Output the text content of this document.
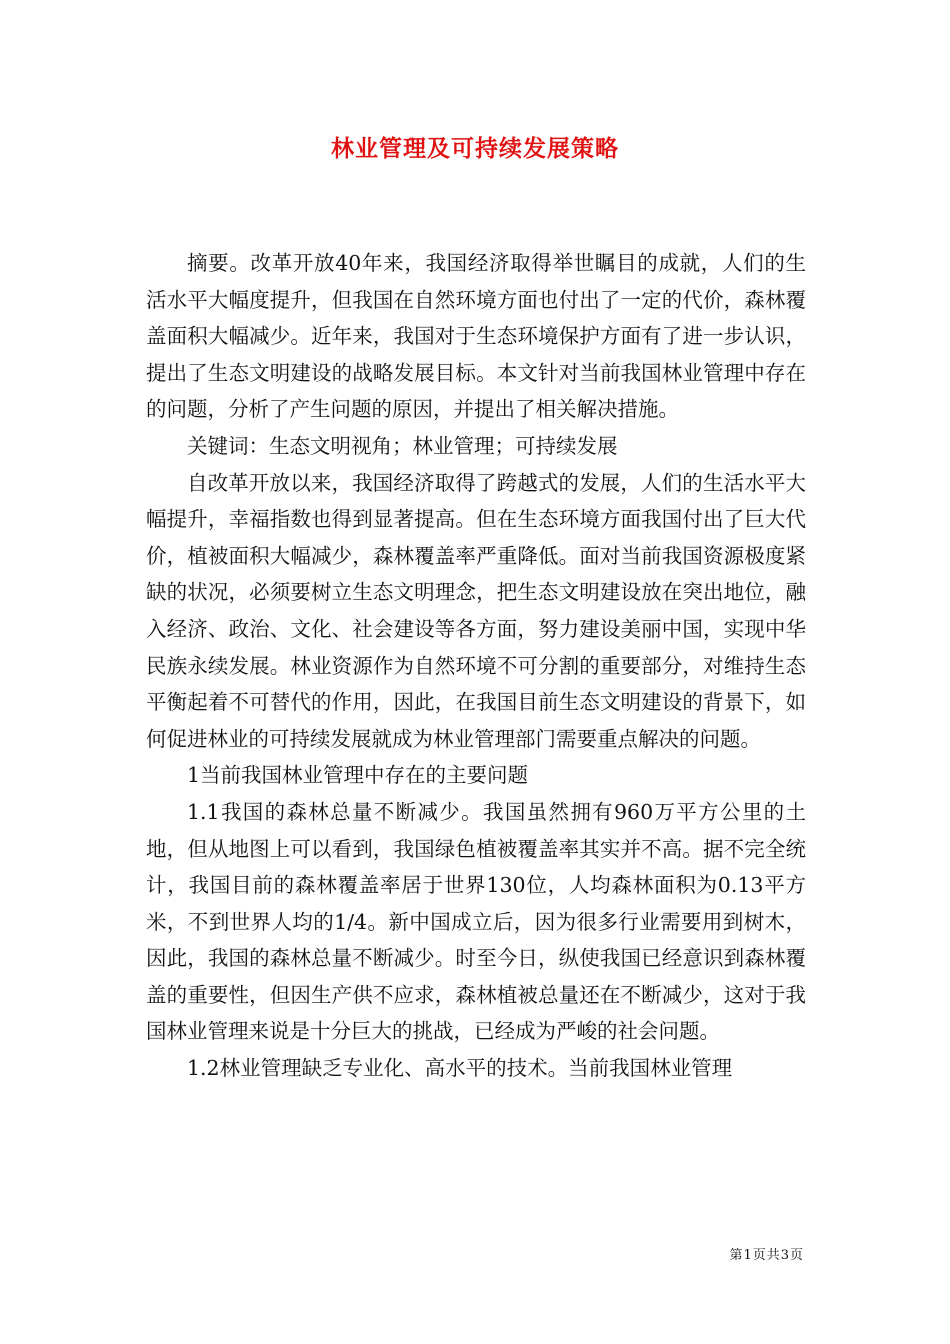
林业管理及可持续发展策略

摘要。改革开放40年来，我国经济取得举世瞩目的成就，人们的生活水平大幅度提升，但我国在自然环境方面也付出了一定的代价，森林覆盖面积大幅减少。近年来，我国对于生态环境保护方面有了进一步认识，提出了生态文明建设的战略发展目标。本文针对当前我国林业管理中存在的问题，分析了产生问题的原因，并提出了相关解决措施。

关键词：生态文明视角；林业管理；可持续发展

自改革开放以来，我国经济取得了跨越式的发展，人们的生活水平大幅提升，幸福指数也得到显著提高。但在生态环境方面我国付出了巨大代价，植被面积大幅减少，森林覆盖率严重降低。面对当前我国资源极度紧缺的状况，必须要树立生态文明理念，把生态文明建设放在突出地位，融入经济、政治、文化、社会建设等各方面，努力建设美丽中国，实现中华民族永续发展。林业资源作为自然环境不可分割的重要部分，对维持生态平衡起着不可替代的作用，因此，在我国目前生态文明建设的背景下，如何促进林业的可持续发展就成为林业管理部门需要重点解决的问题。

1当前我国林业管理中存在的主要问题

1.1我国的森林总量不断减少。我国虽然拥有960万平方公里的土地，但从地图上可以看到，我国绿色植被覆盖率其实并不高。据不完全统计，我国目前的森林覆盖率居于世界130位，人均森林面积为0.13平方米，不到世界人均的1/4。新中国成立后，因为很多行业需要用到树木，因此，我国的森林总量不断减少。时至今日，纵使我国已经意识到森林覆盖的重要性，但因生产供不应求，森林植被总量还在不断减少，这对于我国林业管理来说是十分巨大的挑战，已经成为严峻的社会问题。

1.2林业管理缺乏专业化、高水平的技术。当前我国林业管理

第1页共3页
